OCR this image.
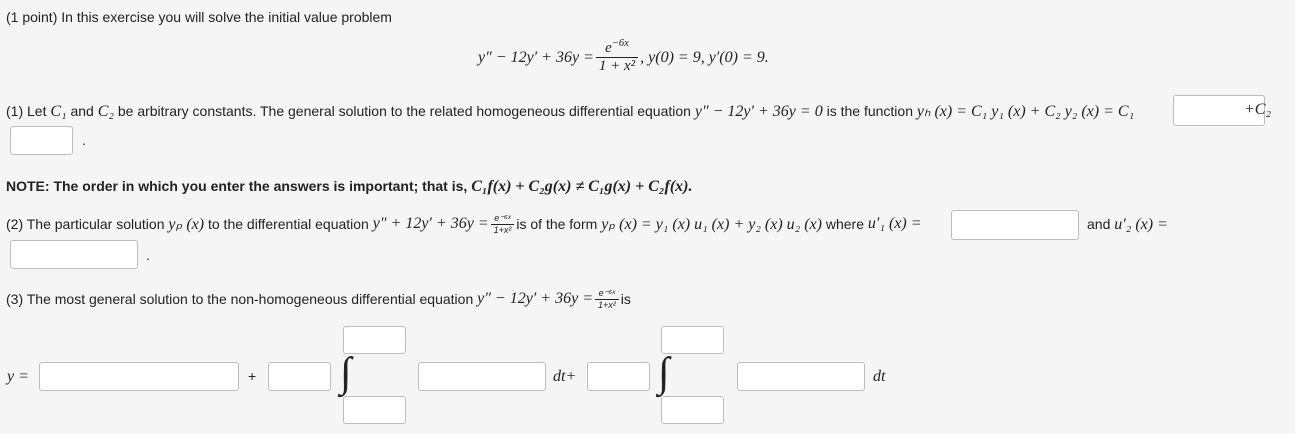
(1 point) In this exercise you will solve the initial value problem
$y'' - 12y' + 36y = \frac{e^{-6x}}{\text{1 + x²}}$ , y(0) = 9, y′(0) = 9.
(1) Let C₁ and C₂ be arbitrary constants. The general solution to the related homogeneous differential equation y″ − 12y′ + 36y = 0 is the function yₕ (x) = C₁ y₁ (x) + C₂ y₂ (x) = C₁	+C₂
.
NOTE: The order in which you enter the answers is important; that is, C₁f(x) + C₂g(x) ≠ C₁g(x) + C₂f(x).
(2) The particular solution
yₚ (x)
to the differential equation
$y'' + 12y' + 36y = \frac{\text{e⁻⁶ˣ}}{\text{1+x²}}$ is of the form
yₚ (x) = y₁ (x) u₁ (x) + y₂ (x) u₂ (x)
where
u′₁ (x) =	and u′₂ (x) =
.
(3) The most general solution to the non-homogeneous differential equation
$y'' - 12y' + 36y = \frac{\text{e⁻⁶ˣ}}{\text{1+x²}}$ is
y =	+ ∫	dt+ ∫	dt
